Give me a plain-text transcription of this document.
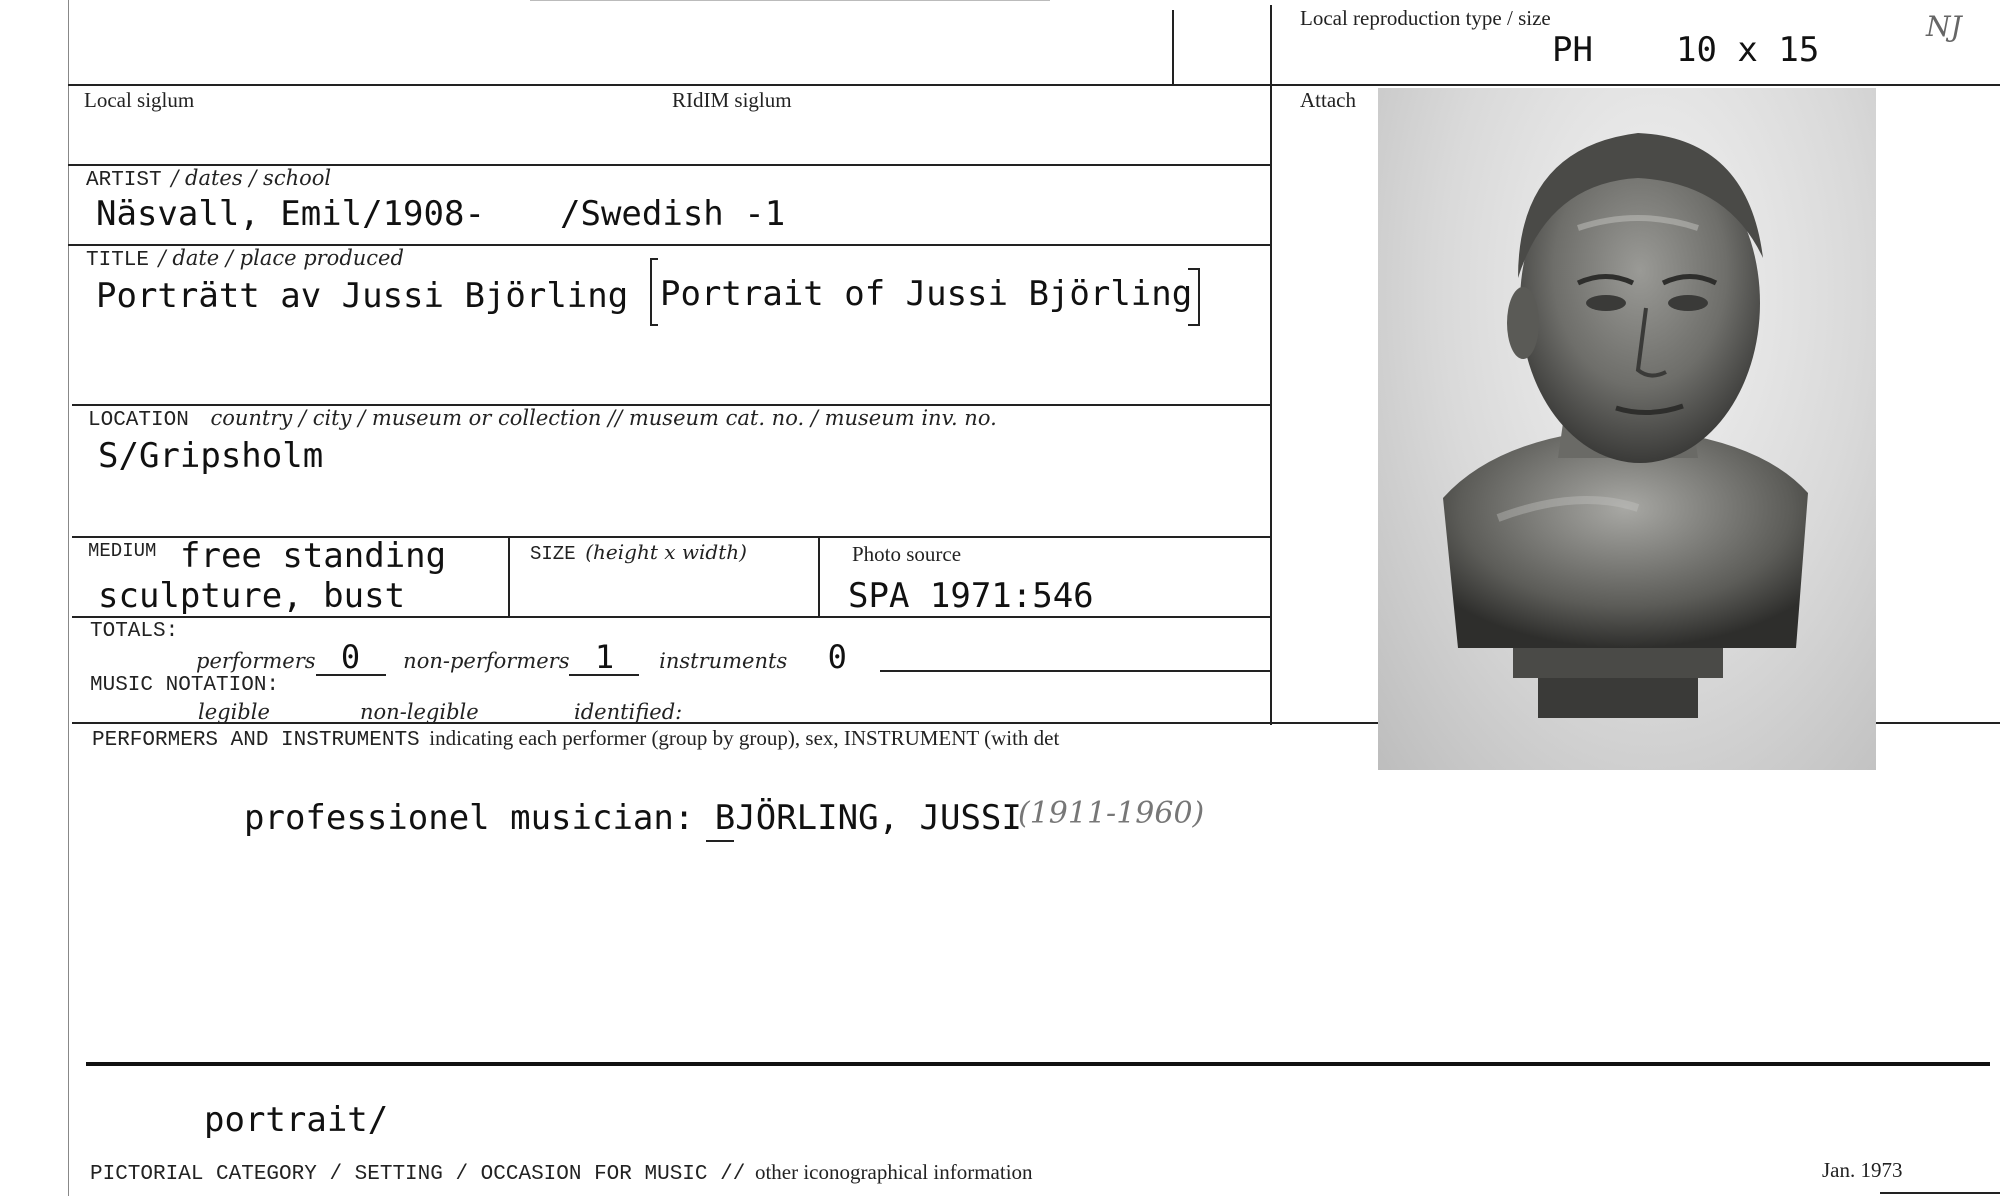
Local reproduction type / size
PH 10 x 15
NJ
Local siglum	RIdIM siglum	Attach
ARTIST / dates / school
Näsvall, Emil/1908- /Swedish -1
TITLE / date / place produced
Porträtt av Jussi Björling Portrait of Jussi Björling
LOCATION country / city / museum or collection // museum cat. no. / museum inv. no.
S/Gripsholm
MEDIUM free standing
sculpture, bust
SIZE (height x width)	Photo source
SPA 1971:546
TOTALS:
performers 0 non-performers 1 instruments 0
MUSIC NOTATION:
legible	non-legible	identified:
PERFORMERS AND INSTRUMENTS indicating each performer (group by group), sex, INSTRUMENT (with det
professionel musician: BJÖRLING, JUSSI
(1911-1960)
portrait/
PICTORIAL CATEGORY / SETTING / OCCASION FOR MUSIC // other iconographical information	Jan. 1973
